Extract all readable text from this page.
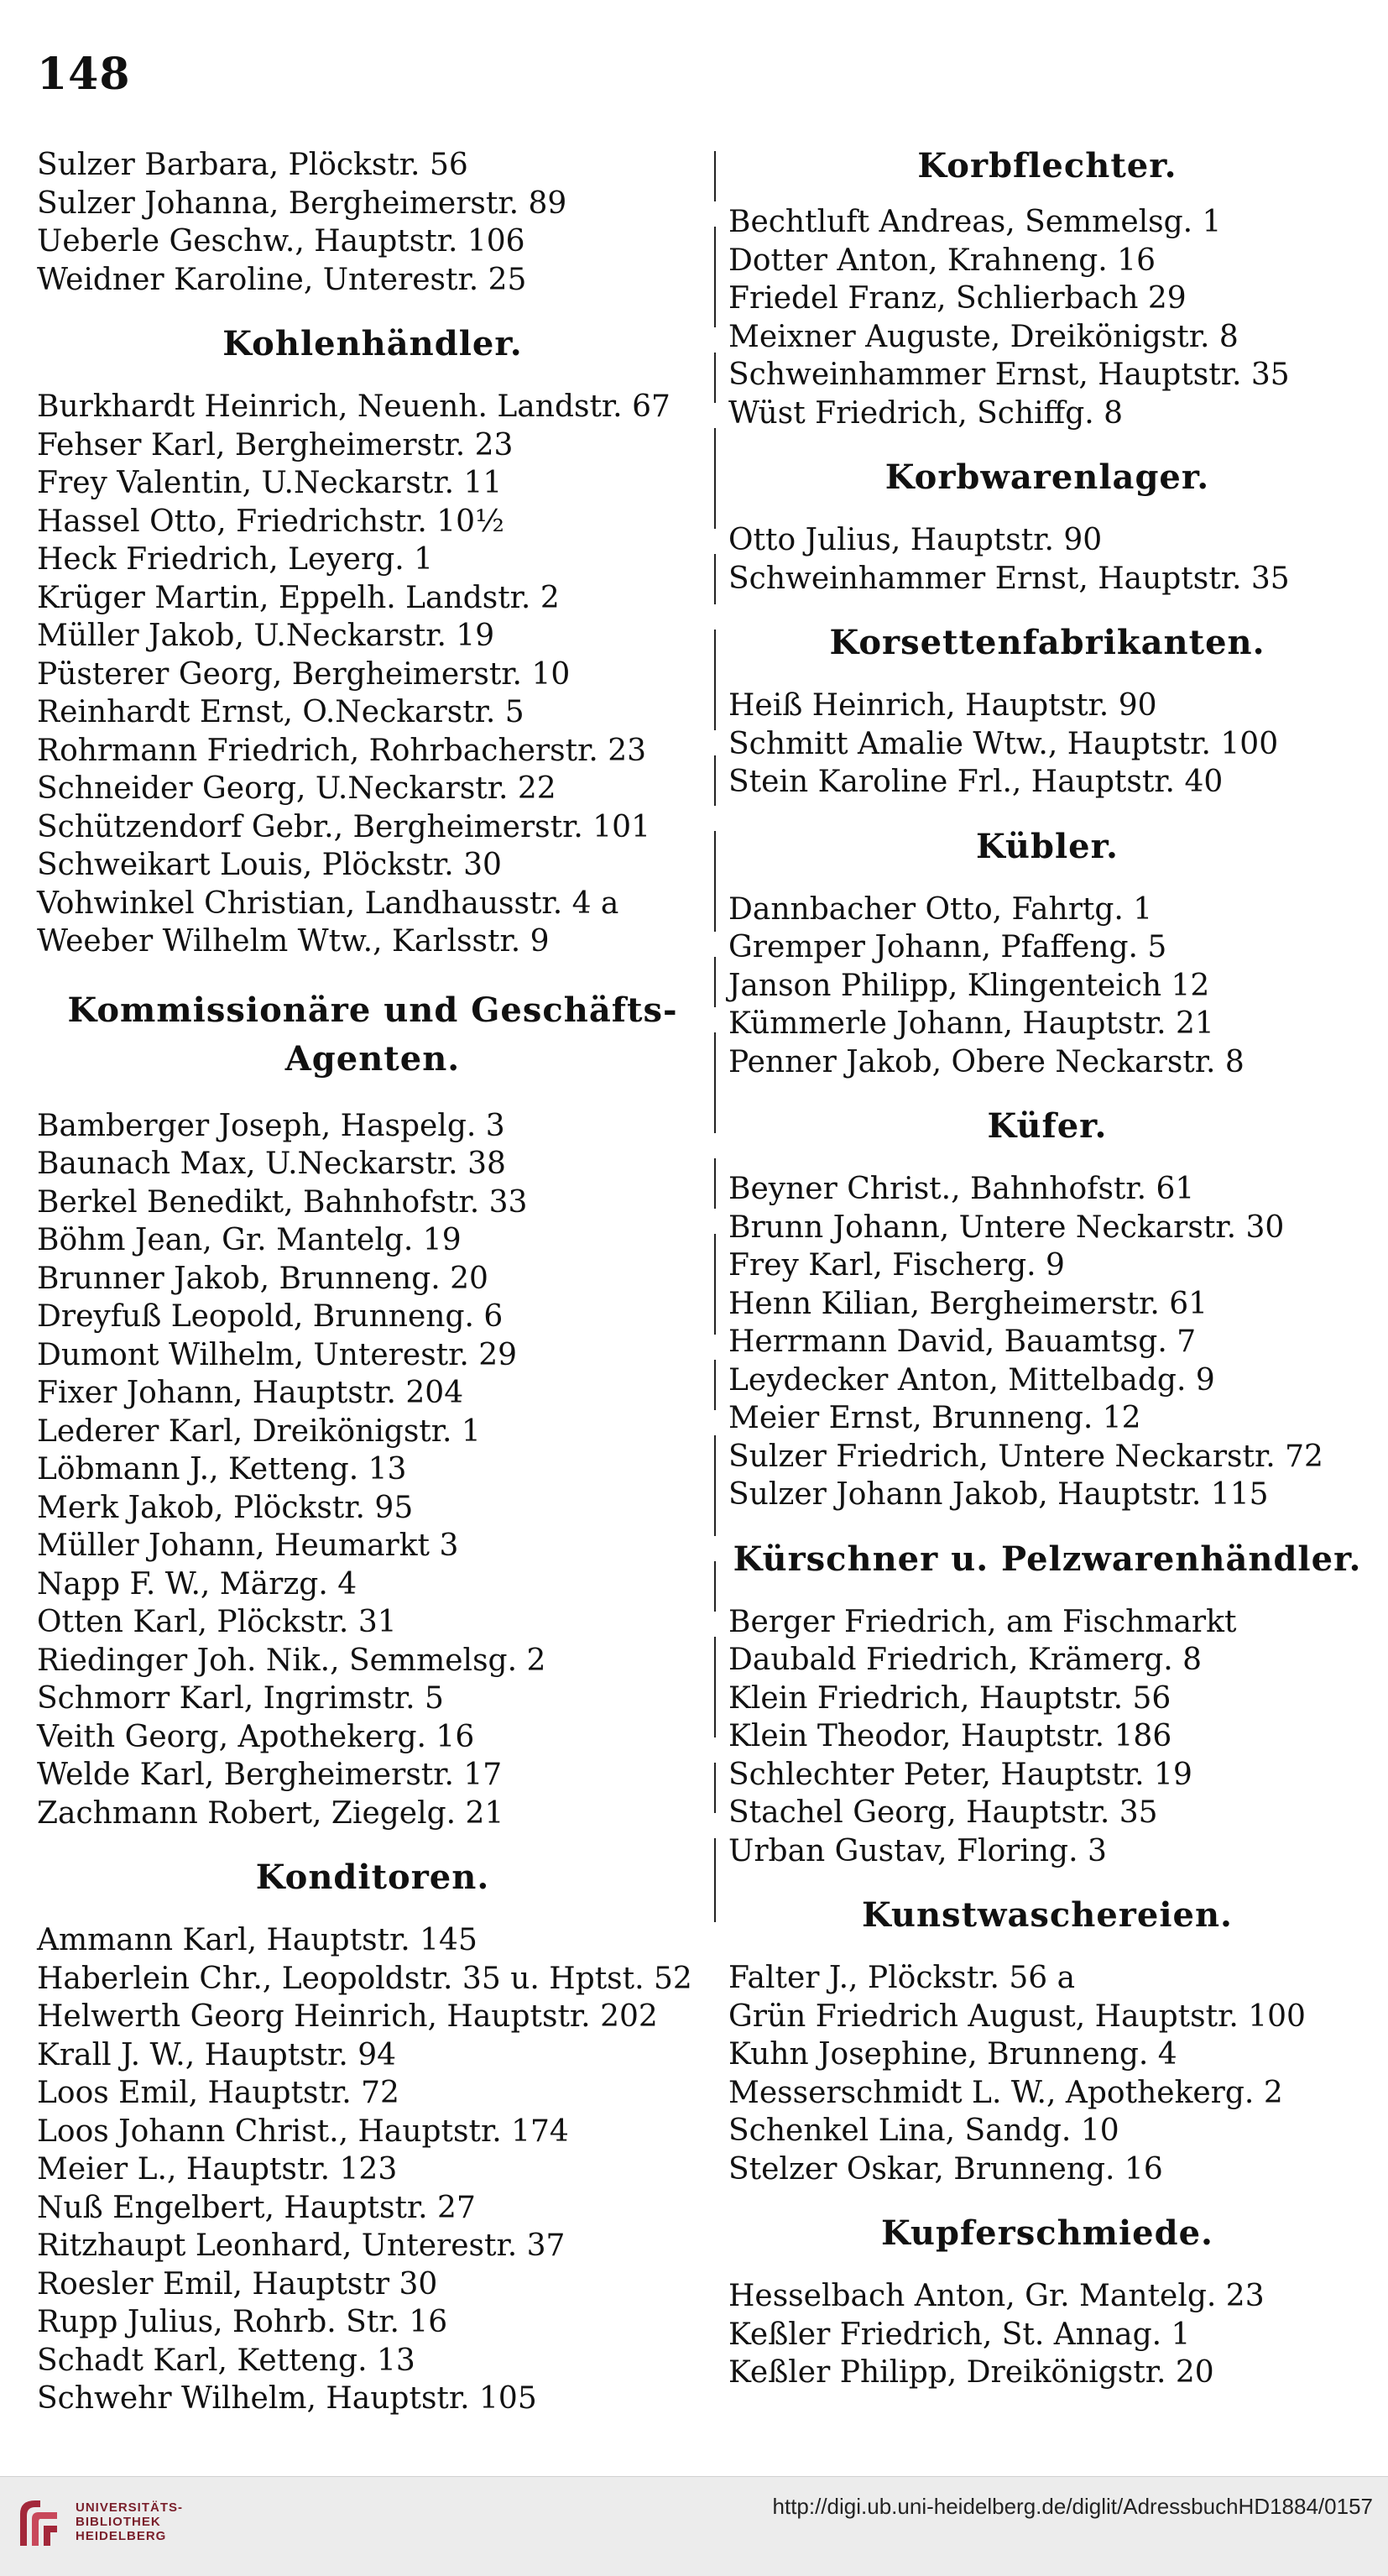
148
Sulzer Barbara, Plöckstr. 56
Sulzer Johanna, Bergheimerstr. 89
Ueberle Geschw., Hauptstr. 106
Weidner Karoline, Unterestr. 25
Kohlenhändler.
Burkhardt Heinrich, Neuenh. Landstr. 67
Fehser Karl, Bergheimerstr. 23
Frey Valentin, U.Neckarstr. 11
Hassel Otto, Friedrichstr. 10½
Heck Friedrich, Leyerg. 1
Krüger Martin, Eppelh. Landstr. 2
Müller Jakob, U.Neckarstr. 19
Püsterer Georg, Bergheimerstr. 10
Reinhardt Ernst, O.Neckarstr. 5
Rohrmann Friedrich, Rohrbacherstr. 23
Schneider Georg, U.Neckarstr. 22
Schützendorf Gebr., Bergheimerstr. 101
Schweikart Louis, Plöckstr. 30
Vohwinkel Christian, Landhausstr. 4 a
Weeber Wilhelm Wtw., Karlsstr. 9
Kommissionäre und Geschäfts-Agenten.
Bamberger Joseph, Haspelg. 3
Baunach Max, U.Neckarstr. 38
Berkel Benedikt, Bahnhofstr. 33
Böhm Jean, Gr. Mantelg. 19
Brunner Jakob, Brunneng. 20
Dreyfuß Leopold, Brunneng. 6
Dumont Wilhelm, Unterestr. 29
Fixer Johann, Hauptstr. 204
Lederer Karl, Dreikönigstr. 1
Löbmann J., Ketteng. 13
Merk Jakob, Plöckstr. 95
Müller Johann, Heumarkt 3
Napp F. W., Märzg. 4
Otten Karl, Plöckstr. 31
Riedinger Joh. Nik., Semmelsg. 2
Schmorr Karl, Ingrimstr. 5
Veith Georg, Apothekerg. 16
Welde Karl, Bergheimerstr. 17
Zachmann Robert, Ziegelg. 21
Konditoren.
Ammann Karl, Hauptstr. 145
Haberlein Chr., Leopoldstr. 35 u. Hptst. 52
Helwerth Georg Heinrich, Hauptstr. 202
Krall J. W., Hauptstr. 94
Loos Emil, Hauptstr. 72
Loos Johann Christ., Hauptstr. 174
Meier L., Hauptstr. 123
Nuß Engelbert, Hauptstr. 27
Ritzhaupt Leonhard, Unterestr. 37
Roesler Emil, Hauptstr 30
Rupp Julius, Rohrb. Str. 16
Schadt Karl, Ketteng. 13
Schwehr Wilhelm, Hauptstr. 105
Korbflechter.
Bechtluft Andreas, Semmelsg. 1
Dotter Anton, Krahneng. 16
Friedel Franz, Schlierbach 29
Meixner Auguste, Dreikönigstr. 8
Schweinhammer Ernst, Hauptstr. 35
Wüst Friedrich, Schiffg. 8
Korbwarenlager.
Otto Julius, Hauptstr. 90
Schweinhammer Ernst, Hauptstr. 35
Korsettenfabrikanten.
Heiß Heinrich, Hauptstr. 90
Schmitt Amalie Wtw., Hauptstr. 100
Stein Karoline Frl., Hauptstr. 40
Kübler.
Dannbacher Otto, Fahrtg. 1
Gremper Johann, Pfaffeng. 5
Janson Philipp, Klingenteich 12
Kümmerle Johann, Hauptstr. 21
Penner Jakob, Obere Neckarstr. 8
Küfer.
Beyner Christ., Bahnhofstr. 61
Brunn Johann, Untere Neckarstr. 30
Frey Karl, Fischerg. 9
Henn Kilian, Bergheimerstr. 61
Herrmann David, Bauamtsg. 7
Leydecker Anton, Mittelbadg. 9
Meier Ernst, Brunneng. 12
Sulzer Friedrich, Untere Neckarstr. 72
Sulzer Johann Jakob, Hauptstr. 115
Kürschner u. Pelzwarenhändler.
Berger Friedrich, am Fischmarkt
Daubald Friedrich, Krämerg. 8
Klein Friedrich, Hauptstr. 56
Klein Theodor, Hauptstr. 186
Schlechter Peter, Hauptstr. 19
Stachel Georg, Hauptstr. 35
Urban Gustav, Floring. 3
Kunstwaschereien.
Falter J., Plöckstr. 56 a
Grün Friedrich August, Hauptstr. 100
Kuhn Josephine, Brunneng. 4
Messerschmidt L. W., Apothekerg. 2
Schenkel Lina, Sandg. 10
Stelzer Oskar, Brunneng. 16
Kupferschmiede.
Hesselbach Anton, Gr. Mantelg. 23
Keßler Friedrich, St. Annag. 1
Keßler Philipp, Dreikönigstr. 20
UNIVERSITÄTS-
BIBLIOTHEK
HEIDELBERG
http://digi.ub.uni-heidelberg.de/diglit/AdressbuchHD1884/0157
